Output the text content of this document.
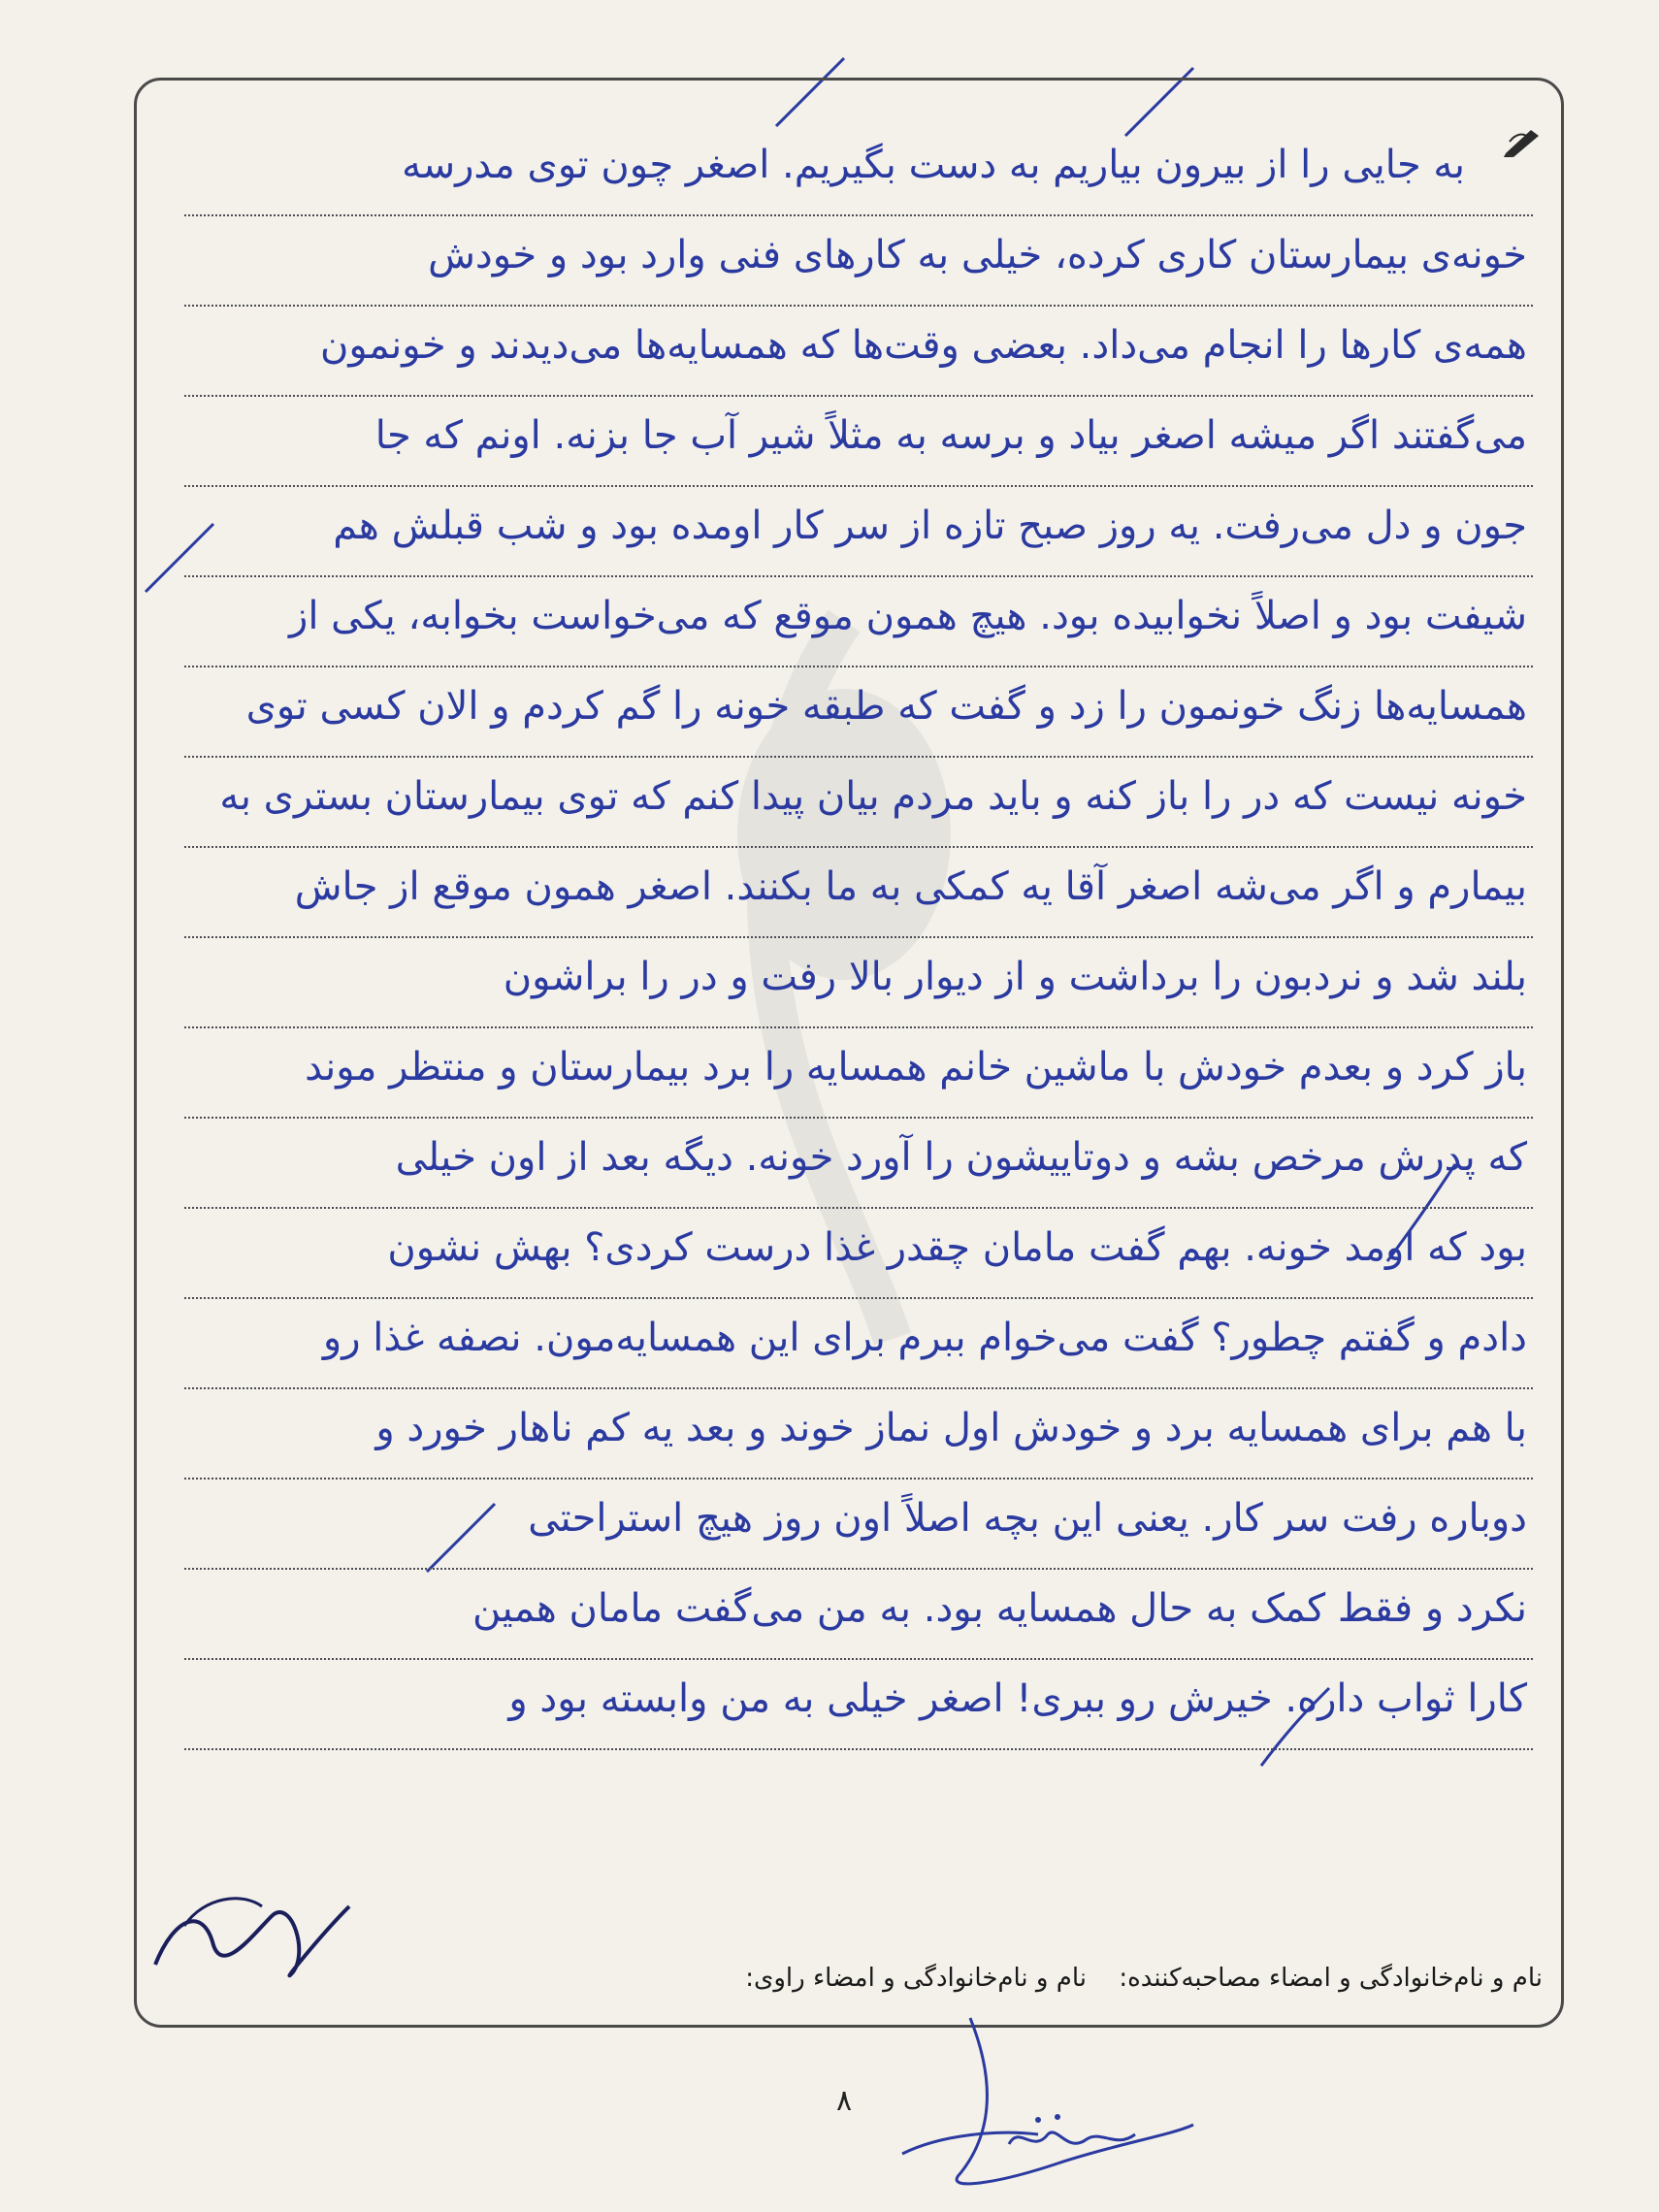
به جایی را از بیرون بیاریم به دست بگیریم. اصغر چون توی مدرسه
خونه‌ی بیمارستان کاری کرده، خیلی به کارهای فنی وارد بود و خودش
همه‌ی کارها را انجام می‌داد. بعضی وقت‌ها که همسایه‌ها می‌دیدند و خونمون
می‌گفتند اگر میشه اصغر بیاد و برسه به مثلاً شیر آب جا بزنه. اونم که جا
جون و دل می‌رفت. یه روز صبح تازه از سر کار اومده بود و شب قبلش هم
شیفت بود و اصلاً نخوابیده بود. هیچ همون موقع که می‌خواست بخوابه، یکی از
همسایه‌ها زنگ خونمون را زد و گفت که طبقه خونه را گم کردم و الان کسی توی
خونه نیست که در را باز کنه و باید مردم بیان پیدا کنم که توی بیمارستان بستری به
بیمارم و اگر می‌شه اصغر آقا یه کمکی به ما بکنند. اصغر همون موقع از جاش
بلند شد و نردبون را برداشت و از دیوار بالا رفت و در را براشون
باز کرد و بعدم خودش با ماشین خانم همسایه را برد بیمارستان و منتظر موند
که پدرش مرخص بشه و دوتاییشون را آورد خونه. دیگه بعد از اون خیلی
بود که اومد خونه. بهم گفت مامان چقدر غذا درست کردی؟ بهش نشون
دادم و گفتم چطور؟ گفت می‌خوام ببرم برای این همسایه‌مون. نصفه غذا رو
با هم برای همسایه برد و خودش اول نماز خوند و بعد یه کم ناهار خورد و
دوباره رفت سر کار. یعنی این بچه اصلاً اون روز هیچ استراحتی
نکرد و فقط کمک به حال همسایه بود. به من می‌گفت مامان همین
کارا ثواب داره. خیرش رو ببری! اصغر خیلی به من وابسته بود و
نام و نام‌خانوادگی و امضاء مصاحبه‌کننده:
نام و نام‌خانوادگی و امضاء راوی:
۸
